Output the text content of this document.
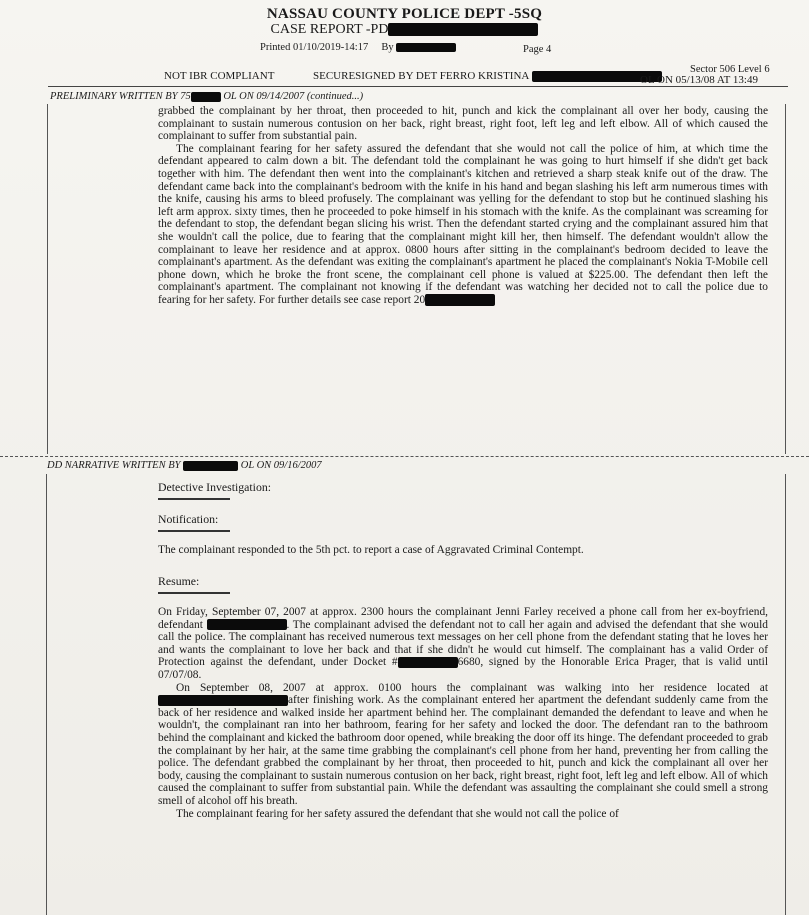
NASSAU COUNTY POLICE DEPT -5SQ
CASE REPORT -PD
Printed 01/10/2019-14:17 By	Page 4
NOT IBR COMPLIANT	SECURESIGNED BY DET FERRO KRISTINA	OL ON 05/13/08 AT 13:49
Sector 506 Level 6
PRELIMINARY WRITTEN BY 75	OL ON 09/14/2007 (continued...)

grabbed the complainant by her throat, then proceeded to hit, punch and kick the complainant all over her body, causing the complainant to sustain numerous contusion on her back, right breast, right foot, left leg and left elbow. All of which caused the complainant to suffer from substantial pain.

The complainant fearing for her safety assured the defendant that she would not call the police of him, at which time the defendant appeared to calm down a bit. The defendant told the complainant he was going to hurt himself if she didn't get back together with him. The defendant then went into the complainant's kitchen and retrieved a sharp steak knife out of the draw. The defendant came back into the complainant's bedroom with the knife in his hand and began slashing his left arm numerous times with the knife, causing his arms to bleed profusely. The complainant was yelling for the defendant to stop but he continued slashing his left arm approx. sixty times, then he proceeded to poke himself in his stomach with the knife. As the complainant was screaming for the defendant to stop, the defendant began slicing his wrist. Then the defendant started crying and the complainant assured him that she wouldn't call the police, due to fearing that the complainant might kill her, then himself. The defendant wouldn't allow the complainant to leave her residence and at approx. 0800 hours after sitting in the complainant's bedroom decided to leave the complainant's apartment. As the defendant was exiting the complainant's apartment he placed the complainant's Nokia T-Mobile cell phone down, which he broke the front scene, the complainant cell phone is valued at $225.00. The defendant then left the complainant's apartment. The complainant not knowing if the defendant was watching her decided not to call the police due to fearing for her safety. For further details see case report 20

DD NARRATIVE WRITTEN BY	OL ON 09/16/2007
Detective Investigation:
Notification:
The complainant responded to the 5th pct. to report a case of Aggravated Criminal Contempt.
Resume:

On Friday, September 07, 2007 at approx. 2300 hours the complainant Jenni Farley received a phone call from her ex-boyfriend, defendant	. The complainant advised the defendant not to call her again and advised the defendant that she would call the police. The complainant has received numerous text messages on her cell phone from the defendant stating that he loves her and wants the complainant to love her back and that if she didn't he would cut himself. The complainant has a valid Order of Protection against the defendant, under Docket #	6680, signed by the Honorable Erica Prager, that is valid until 07/07/08.

On September 08, 2007 at approx. 0100 hours the complainant was walking into her residence located atafter finishing work. As the complainant entered her apartment the defendant suddenly came from the back of her residence and walked inside her apartment behind her. The complainant demanded the defendant to leave and when he wouldn't, the complainant ran into her bathroom, fearing for her safety and locked the door. The defendant ran to the bathroom behind the complainant and kicked the bathroom door opened, while breaking the door off its hinge. The defendant proceeded to grab the complainant by her hair, at the same time grabbing the complainant's cell phone from her hand, preventing her from calling the police. The defendant grabbed the complainant by her throat, then proceeded to hit, punch and kick the complainant all over her body, causing the complainant to sustain numerous contusion on her back, right breast, right foot, left leg and left elbow. All of which caused the complainant to suffer from substantial pain. While the defendant was assaulting the complainant she could smell a strong smell of alcohol off his breath.

The complainant fearing for her safety assured the defendant that she would not call the police of
